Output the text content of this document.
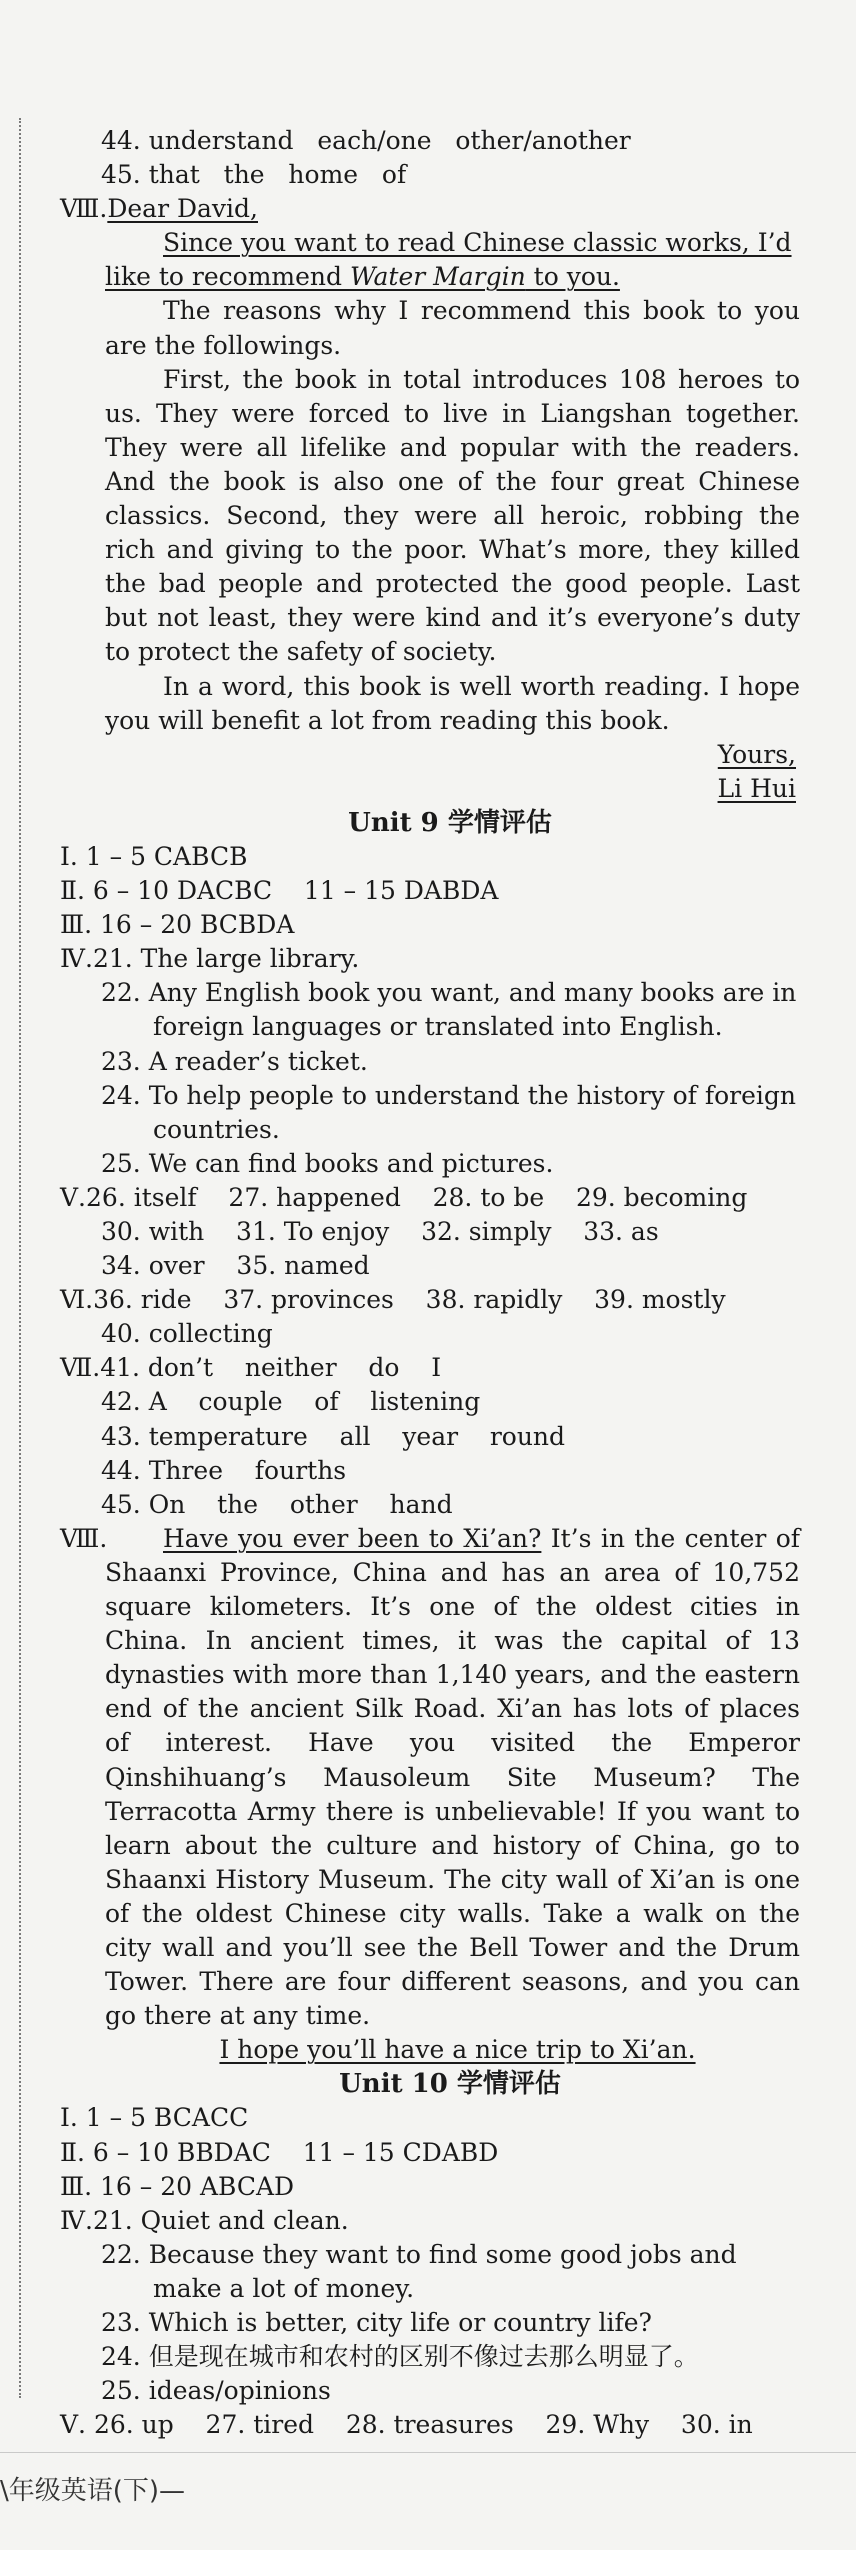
44. understand   each/one   other/another
45. that   the   home   of
Ⅷ.Dear David,

Since you want to read Chinese classic works, I’d

like to recommend Water Margin to you.

The reasons why I recommend this book to you are the followings.

First, the book in total introduces 108 heroes to us. They were forced to live in Liangshan together. They were all lifelike and popular with the readers. And the book is also one of the four great Chinese classics. Second, they were all heroic, robbing the rich and giving to the poor. What’s more, they killed the bad people and protected the good people. Last but not least, they were kind and it’s everyone’s duty to protect the safety of society.

In a word, this book is well worth reading. I hope you will benefit a lot from reading this book.

Yours,
Li Hui
Unit 9 学情评估
Ⅰ. 1 – 5 CABCB
Ⅱ. 6 – 10 DACBC    11 – 15 DABDA
Ⅲ. 16 – 20 BCBDA
Ⅳ.21. The large library.
22. Any English book you want, and many books are in foreign languages or translated into English.
23. A reader’s ticket.
24. To help people to understand the history of foreign countries.
25. We can find books and pictures.
Ⅴ.26. itself    27. happened    28. to be    29. becoming
30. with    31. To enjoy    32. simply    33. as
34. over    35. named
Ⅵ.36. ride    37. provinces    38. rapidly    39. mostly
40. collecting
Ⅶ.41. don’t    neither    do    I
42. A    couple    of    listening
43. temperature    all    year    round
44. Three    fourths
45. On    the    other    hand
Ⅷ.	Have you ever been to Xi’an? It’s in the center of Shaanxi Province, China and has an area of 10,752 square kilometers. It’s one of the oldest cities in China. In ancient times, it was the capital of 13 dynasties with more than 1,140 years, and the eastern end of the ancient Silk Road. Xi’an has lots of places of interest. Have you visited the Emperor Qinshihuang’s Mausoleum Site Museum? The Terracotta Army there is unbelievable! If you want to learn about the culture and history of China, go to Shaanxi History Museum. The city wall of Xi’an is one of the oldest Chinese city walls. Take a walk on the city wall and you’ll see the Bell Tower and the Drum Tower. There are four different seasons, and you can go there at any time.

I hope you’ll have a nice trip to Xi’an.

Unit 10 学情评估
Ⅰ. 1 – 5 BCACC
Ⅱ. 6 – 10 BBDAC    11 – 15 CDABD
Ⅲ. 16 – 20 ABCAD
Ⅳ.21. Quiet and clean.
22. Because they want to find some good jobs and make a lot of money.
23. Which is better, city life or country life?
24. 但是现在城市和农村的区别不像过去那么明显了。
25. ideas/opinions
Ⅴ. 26. up    27. tired    28. treasures    29. Why    30. in
\年级英语(下)—
